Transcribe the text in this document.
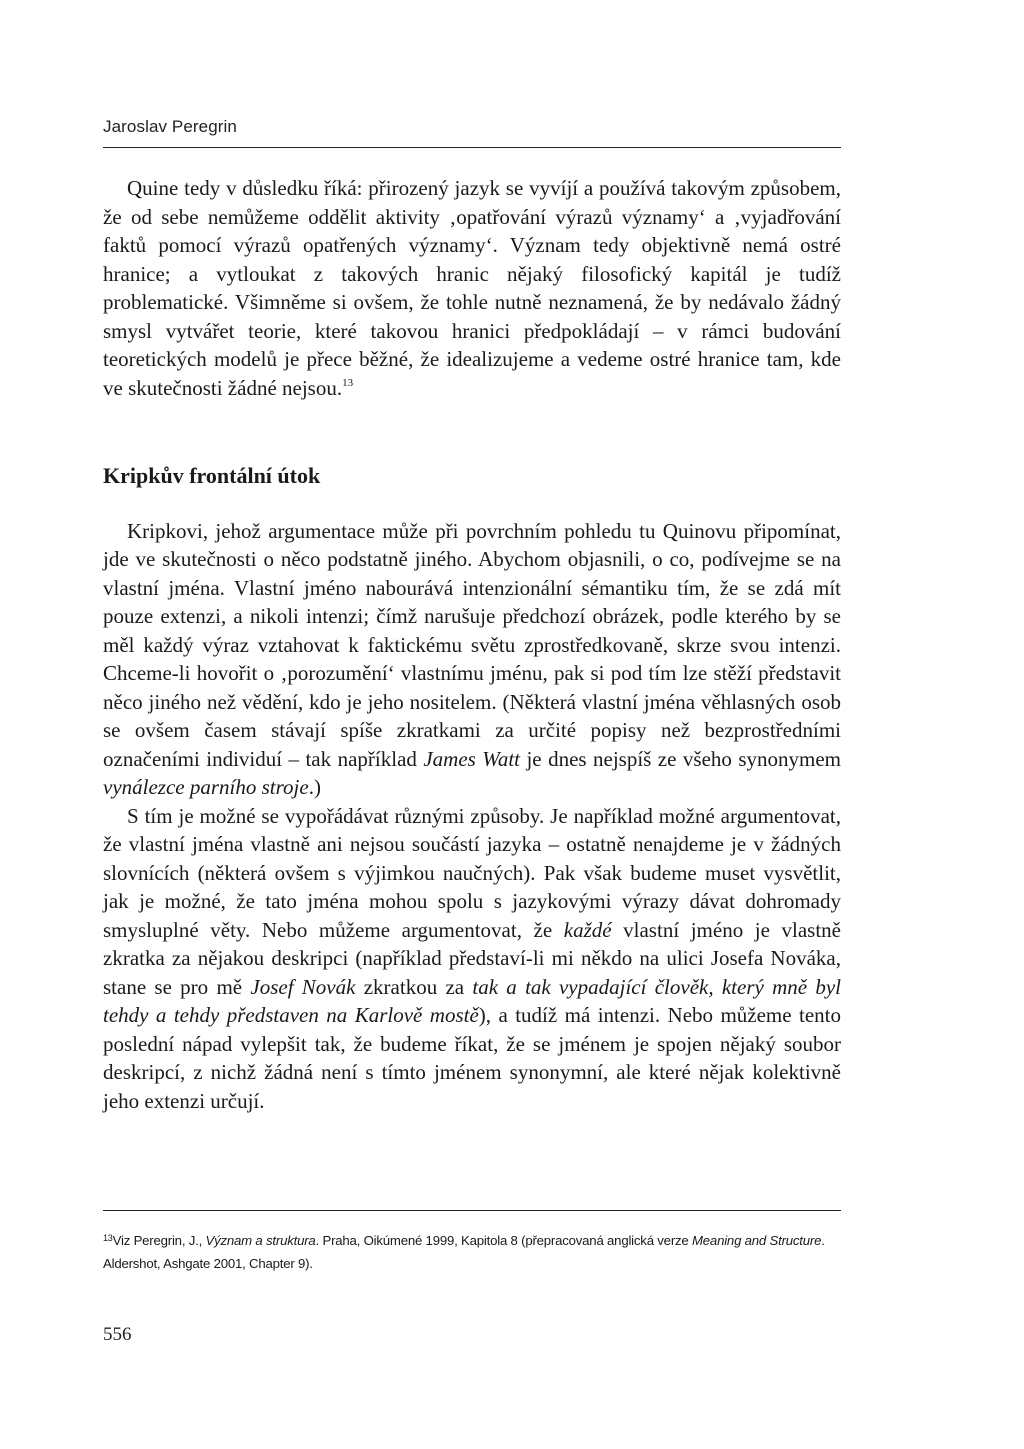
Jaroslav Peregrin

Quine tedy v důsledku říká: přirozený jazyk se vyvíjí a používá takovým způsobem, že od sebe nemůžeme oddělit aktivity ‚opatřování výrazů významy‘ a ‚vyjadřování faktů pomocí výrazů opatřených významy‘. Význam tedy objektivně nemá ostré hranice; a vytloukat z takových hranic nějaký filosofický kapitál je tudíž problematické. Všimněme si ovšem, že tohle nutně neznamená, že by nedávalo žádný smysl vytvářet teorie, které takovou hranici předpokládají – v rámci budování teoretických modelů je přece běžné, že idealizujeme a vedeme ostré hranice tam, kde ve skutečnosti žádné nejsou.$^{13}$

Kripkův frontální útok

Kripkovi, jehož argumentace může při povrchním pohledu tu Quinovu připomínat, jde ve skutečnosti o něco podstatně jiného. Abychom objasnili, o co, podívejme se na vlastní jména. Vlastní jméno nabourává intenzionální sémantiku tím, že se zdá mít pouze extenzi, a nikoli intenzi; čímž narušuje předchozí obrázek, podle kterého by se měl každý výraz vztahovat k faktickému světu zprostředkovaně, skrze svou intenzi. Chceme-li hovořit o ‚porozumění‘ vlastnímu jménu, pak si pod tím lze stěží představit něco jiného než vědění, kdo je jeho nositelem. (Některá vlastní jména věhlasných osob se ovšem časem stávají spíše zkratkami za určité popisy než bezprostředními označeními individuí – tak například James Watt je dnes nejspíš ze všeho synonymem vynálezce parního stroje.)

S tím je možné se vypořádávat různými způsoby. Je například možné argumentovat, že vlastní jména vlastně ani nejsou součástí jazyka – ostatně nenajdeme je v žádných slovnících (některá ovšem s výjimkou naučných). Pak však budeme muset vysvětlit, jak je možné, že tato jména mohou spolu s jazykovými výrazy dávat dohromady smysluplné věty. Nebo můžeme argumentovat, že každé vlastní jméno je vlastně zkratka za nějakou deskripci (například představí-li mi někdo na ulici Josefa Nováka, stane se pro mě Josef Novák zkratkou za tak a tak vypadající člověk, který mně byl tehdy a tehdy představen na Karlově mostě), a tudíž má intenzi. Nebo můžeme tento poslední nápad vylepšit tak, že budeme říkat, že se jménem je spojen nějaký soubor deskripcí, z nichž žádná není s tímto jménem synonymní, ale které nějak kolektivně jeho extenzi určují.

$^{13}$Viz Peregrin, J., Význam a struktura. Praha, Oikúmené 1999, Kapitola 8 (přepracovaná anglická verze Meaning and Structure. Aldershot, Ashgate 2001, Chapter 9).
556
